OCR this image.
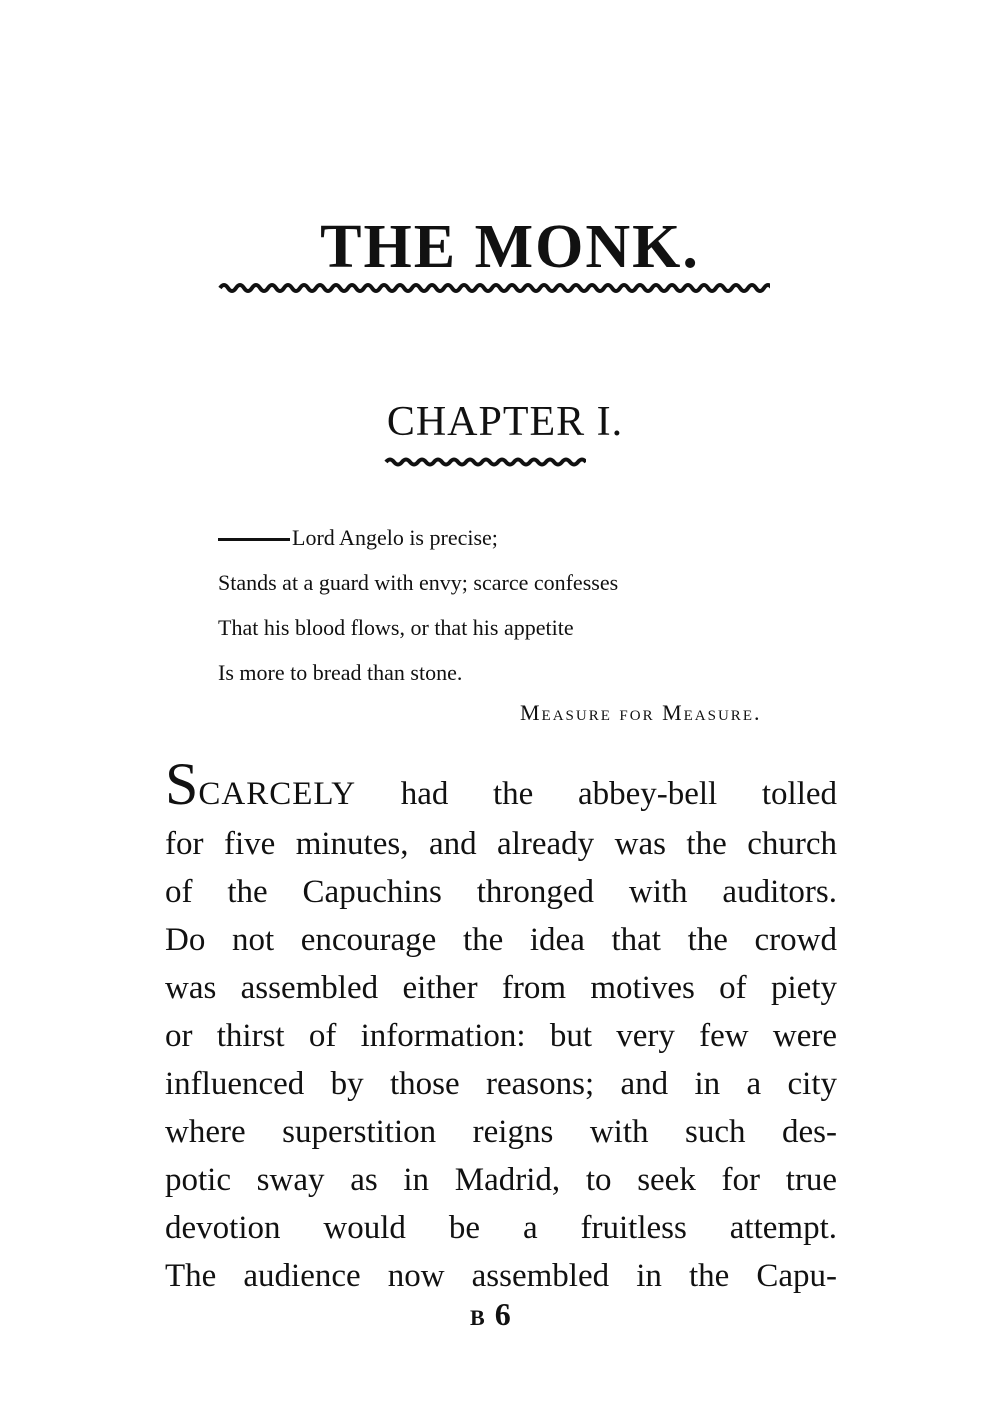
THE MONK.
CHAPTER I.
Lord Angelo is precise;
Stands at a guard with envy; scarce confesses
That his blood flows, or that his appetite
Is more to bread than stone.
Measure for Measure.
SCARCELY had the abbey-bell tolled
for five minutes, and already was the church
of the Capuchins thronged with auditors.
Do not encourage the idea that the crowd
was assembled either from motives of piety
or thirst of information: but very few were
influenced by those reasons; and in a city
where superstition reigns with such des-
potic sway as in Madrid, to seek for true
devotion would be a fruitless attempt.
The audience now assembled in the Capu-
B 6
